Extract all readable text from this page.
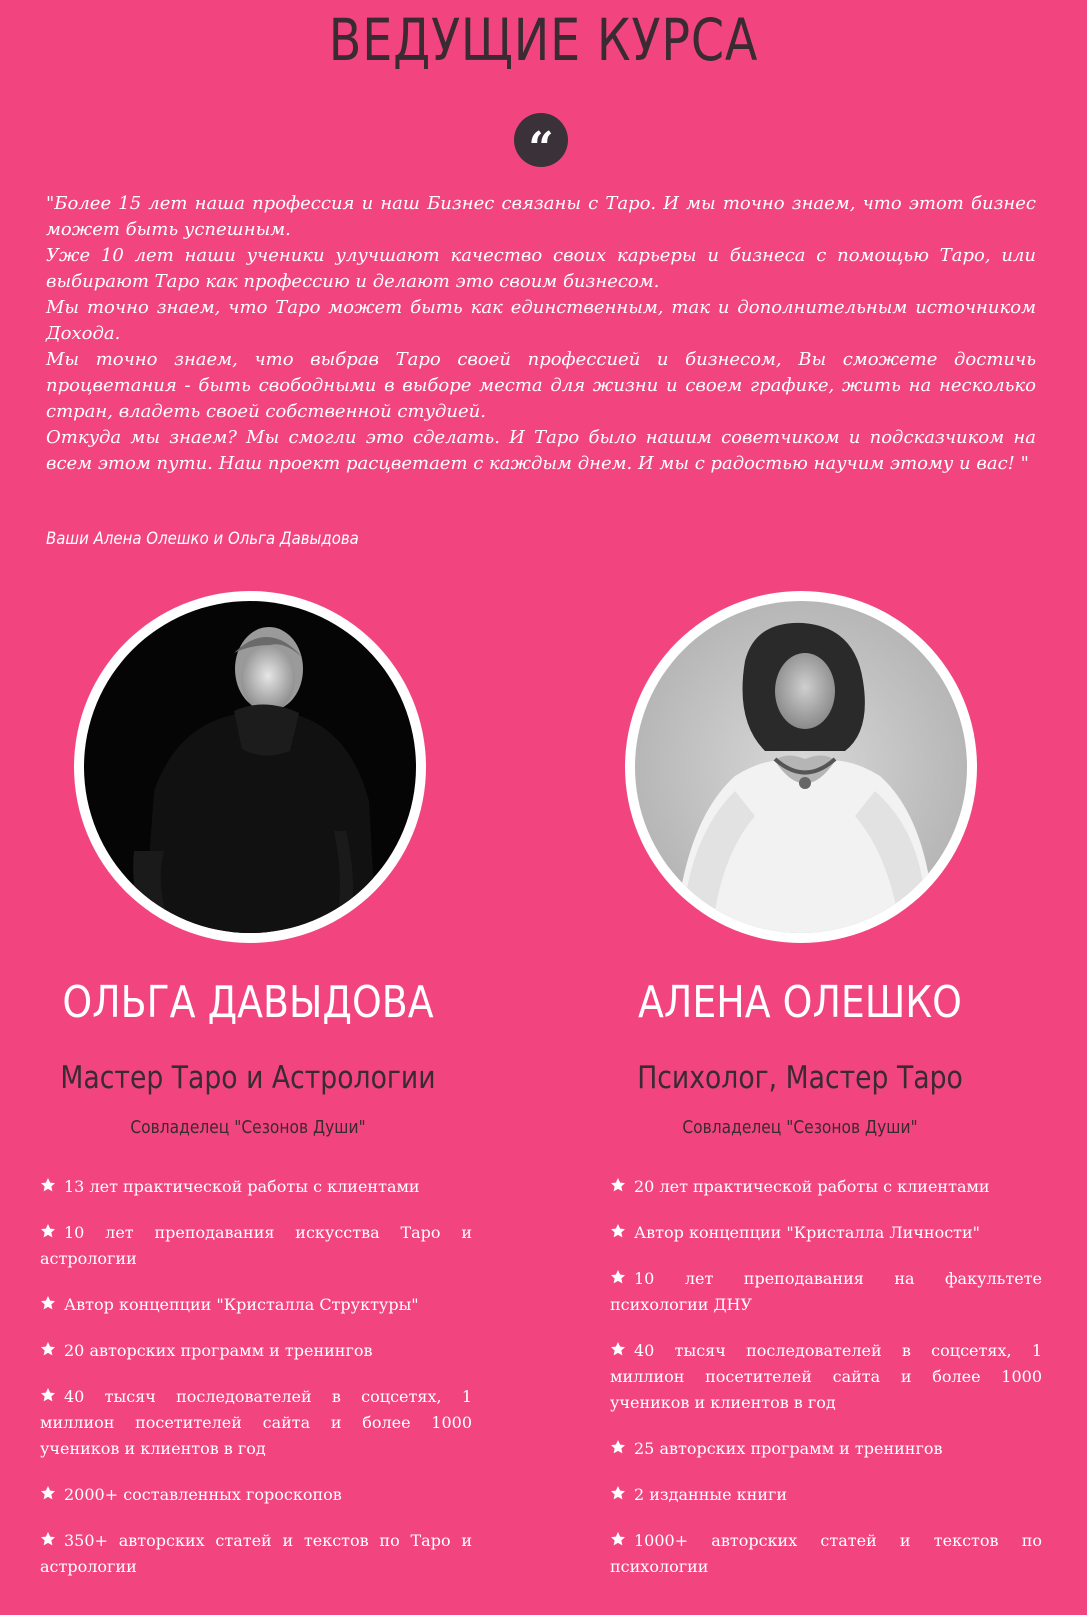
ВЕДУЩИЕ КУРСА
“

"Более 15 лет наша профессия и наш Бизнес связаны с Таро. И мы точно знаем, что этот бизнес может быть успешным.

Уже 10 лет наши ученики улучшают качество своих карьеры и бизнеса с помощью Таро, или выбирают Таро как профессию и делают это своим бизнесом.

Мы точно знаем, что Таро может быть как единственным, так и дополнительным источником Дохода.

Мы точно знаем, что выбрав Таро своей профессией и бизнесом, Вы сможете достичь процветания - быть свободными в выборе места для жизни и своем графике, жить на несколько стран, владеть своей собственной студией.

Откуда мы знаем? Мы смогли это сделать. И Таро было нашим советчиком и подсказчиком на всем этом пути. Наш проект расцветает с каждым днем. И мы с радостью научим этому и вас! "

Ваши Алена Олешко и Ольга Давыдова
ОЛЬГА ДАВЫДОВА	АЛЕНА ОЛЕШКО
Мастер Таро и Астрологии	Психолог, Мастер Таро
Совладелец "Сезонов Души"	Совладелец "Сезонов Души"
13 лет практической работы с клиентами
10 лет преподавания искусства Таро и астрологии
Автор концепции "Кристалла Структуры"
20 авторских программ и тренингов
40 тысяч последователей в соцсетях, 1 миллион посетителей сайта и более 1000 учеников и клиентов в год
2000+ составленных гороскопов
350+ авторских статей и текстов по Таро и астрологии
20 лет практической работы с клиентами
Автор концепции "Кристалла Личности"
10 лет преподавания на факультете психологии ДНУ
40 тысяч последователей в соцсетях, 1 миллион посетителей сайта и более 1000 учеников и клиентов в год
25 авторских программ и тренингов
2 изданные книги
1000+ авторских статей и текстов по психологии
